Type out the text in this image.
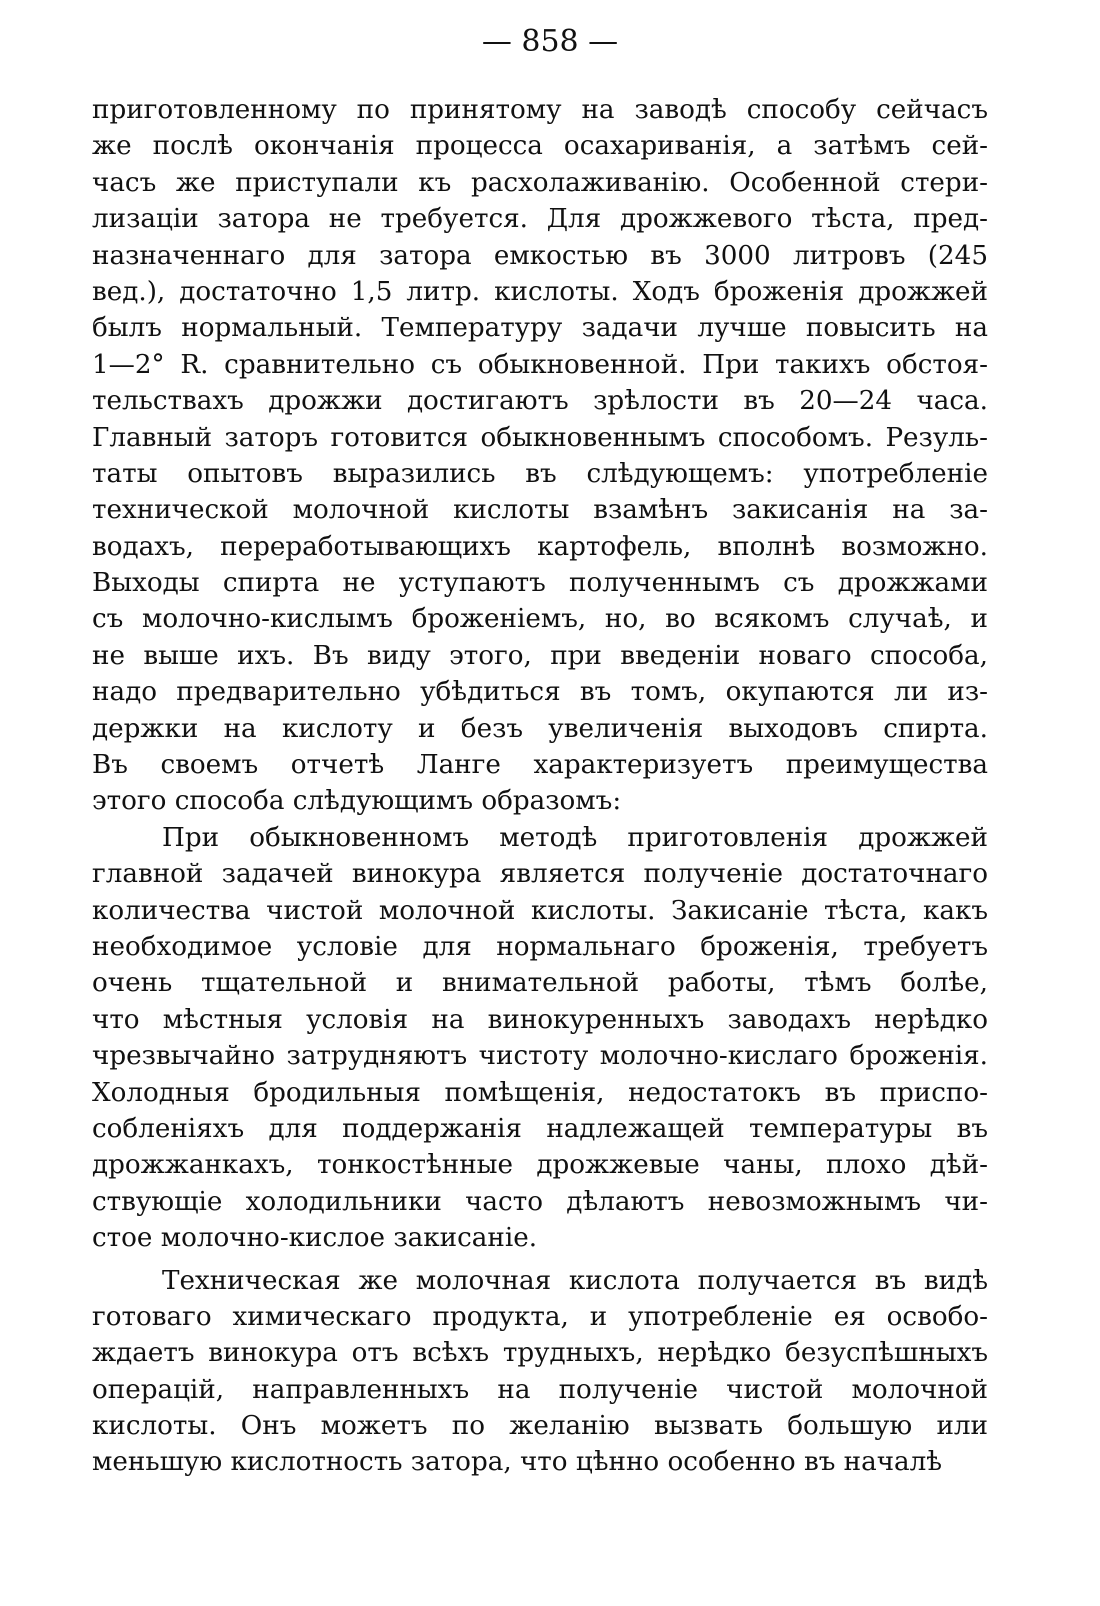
— 858 —
приготовленному по принятому на заводѣ способу сейчасъ
же послѣ окончанія процесса осахариванія, а затѣмъ сей-
часъ же приступали къ расхолаживанію. Особенной стери-
лизаціи затора не требуется. Для дрожжевого тѣста, пред-
назначеннаго для затора емкостью въ 3000 литровъ (245
вед.), достаточно 1,5 литр. кислоты. Ходъ броженія дрожжей
былъ нормальный. Температуру задачи лучше повысить на
1—2° R. сравнительно съ обыкновенной. При такихъ обстоя-
тельствахъ дрожжи достигаютъ зрѣлости въ 20—24 часа.
Главный заторъ готовится обыкновеннымъ способомъ. Резуль-
таты опытовъ выразились въ слѣдующемъ: употребленіе
технической молочной кислоты взамѣнъ закисанія на за-
водахъ, переработывающихъ картофель, вполнѣ возможно.
Выходы спирта не уступаютъ полученнымъ съ дрожжами
съ молочно-кислымъ броженіемъ, но, во всякомъ случаѣ, и
не выше ихъ. Въ виду этого, при введеніи новаго способа,
надо предварительно убѣдиться въ томъ, окупаются ли из-
держки на кислоту и безъ увеличенія выходовъ спирта.
Въ своемъ отчетѣ Ланге характеризуетъ преимущества
этого способа слѣдующимъ образомъ:
При обыкновенномъ методѣ приготовленія дрожжей
главной задачей винокура является полученіе достаточнаго
количества чистой молочной кислоты. Закисаніе тѣста, какъ
необходимое условіе для нормальнаго броженія, требуетъ
очень тщательной и внимательной работы, тѣмъ болѣе,
что мѣстныя условія на винокуренныхъ заводахъ нерѣдко
чрезвычайно затрудняютъ чистоту молочно-кислаго броженія.
Холодныя бродильныя помѣщенія, недостатокъ въ приспо-
собленіяхъ для поддержанія надлежащей температуры въ
дрожжанкахъ, тонкостѣнные дрожжевые чаны, плохо дѣй-
ствующіе холодильники часто дѣлаютъ невозможнымъ чи-
стое молочно-кислое закисаніе.
Техническая же молочная кислота получается въ видѣ
готоваго химическаго продукта, и употребленіе ея освобо-
ждаетъ винокура отъ всѣхъ трудныхъ, нерѣдко безуспѣшныхъ
операцій, направленныхъ на полученіе чистой молочной
кислоты. Онъ можетъ по желанію вызвать большую или
меньшую кислотность затора, что цѣнно особенно въ началѣ
